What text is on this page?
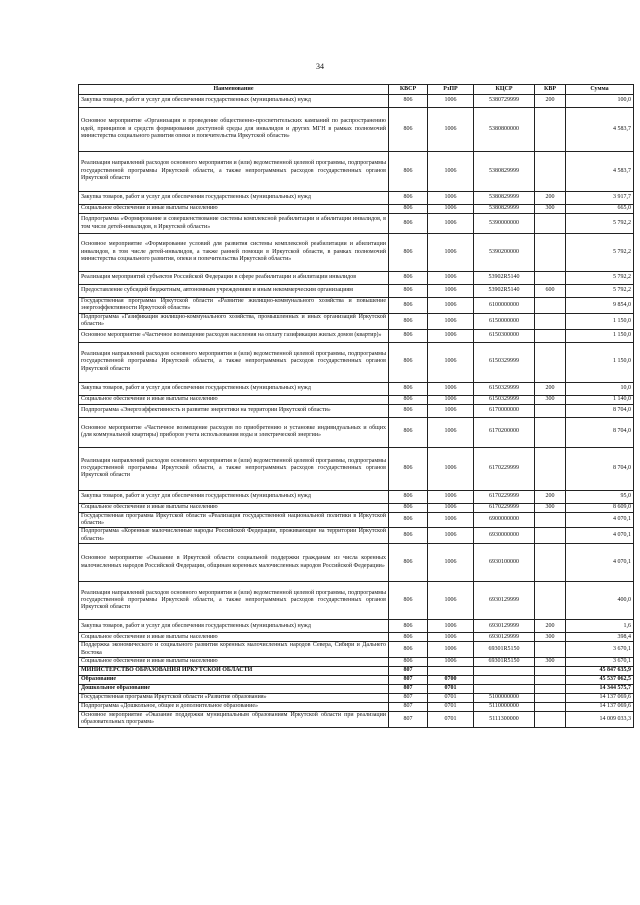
34
Наименование	КВСР	РзПР	КЦСР	КВР	Сумма
Закупка товаров, работ и услуг для обеспечения государственных (муниципальных) нужд	806	1006	5380729999	200	100,0
Основное мероприятие «Организация и проведение общественно-просветительских кампаний по распространению идей, принципов и средств формирования доступной среды для инвалидов и других МГН в рамках полномочий министерства социального развития опеки и попечительства Иркутской области»	806	1006	5380800000		4 583,7
Реализация направлений расходов основного мероприятия и (или) ведомственной целевой программы, подпрограммы государственной программы Иркутской области, а также непрограммных расходов государственных органов Иркутской области	806	1006	5380829999		4 583,7
Закупка товаров, работ и услуг для обеспечения государственных (муниципальных) нужд	806	1006	5380829999	200	3 917,7
Социальное обеспечение и иные выплаты населению	806	1006	5380829999	300	665,0
Подпрограмма «Формирование и совершенствование системы комплексной реабилитации и абилитации инвалидов, в том числе детей-инвалидов, в Иркутской области»	806	1006	5390000000		5 792,2
Основное мероприятие «Формирование условий для развития системы комплексной реабилитации и абилитации инвалидов, в том числе детей-инвалидов, а также ранней помощи в Иркутской области, в рамках полномочий министерства социального развития, опеки и попечительства Иркутской области»	806	1006	5390200000		5 792,2
Реализация мероприятий субъектов Российской Федерации в сфере реабилитации и абилитации инвалидов	806	1006	53902R5140		5 792,2
Предоставление субсидий бюджетным, автономным учреждениям и иным некоммерческим организациям	806	1006	53902R5140	600	5 792,2
Государственная программа Иркутской области «Развитие жилищно-коммунального хозяйства и повышение энергоэффективности Иркутской области»	806	1006	6100000000		9 854,0
Подпрограмма «Газификация жилищно-коммунального хозяйства, промышленных и иных организаций Иркутской области»	806	1006	6150000000		1 150,0
Основное мероприятие «Частичное возмещение расходов населения на оплату газификации жилых домов (квартир)»	806	1006	6150300000		1 150,0
Реализация направлений расходов основного мероприятия и (или) ведомственной целевой программы, подпрограммы государственной программы Иркутской области, а также непрограммных расходов государственных органов Иркутской области	806	1006	6150329999		1 150,0
Закупка товаров, работ и услуг для обеспечения государственных (муниципальных) нужд	806	1006	6150329999	200	10,0
Социальное обеспечение и иные выплаты населению	806	1006	6150329999	300	1 140,0
Подпрограмма «Энергоэффективность и развитие энергетики на территории Иркутской области»	806	1006	6170000000		8 704,0
Основное мероприятие «Частичное возмещение расходов по приобретению и установке индивидуальных и общих (для коммунальной квартиры) приборов учета использования воды и электрической энергии»	806	1006	6170200000		8 704,0
Реализация направлений расходов основного мероприятия и (или) ведомственной целевой программы, подпрограммы государственной программы Иркутской области, а также непрограммных расходов государственных органов Иркутской области	806	1006	6170229999		8 704,0
Закупка товаров, работ и услуг для обеспечения государственных (муниципальных) нужд	806	1006	6170229999	200	95,0
Социальное обеспечение и иные выплаты населению	806	1006	6170229999	300	8 609,0
Государственная программа Иркутской области «Реализация государственной национальной политики в Иркутской области»	806	1006	6900000000		4 070,1
Подпрограмма «Коренные малочисленные народы Российской Федерации, проживающие на территории Иркутской области»	806	1006	6930000000		4 070,1
Основное мероприятие «Оказание в Иркутской области социальной поддержки гражданам из числа коренных малочисленных народов Российской Федерации, общинам коренных малочисленных народов Российской Федерации»	806	1006	6930100000		4 070,1
Реализация направлений расходов основного мероприятия и (или) ведомственной целевой программы, подпрограммы государственной программы Иркутской области, а также непрограммных расходов государственных органов Иркутской области	806	1006	6930129999		400,0
Закупка товаров, работ и услуг для обеспечения государственных (муниципальных) нужд	806	1006	6930129999	200	1,6
Социальное обеспечение и иные выплаты населению	806	1006	6930129999	300	398,4
Поддержка экономического и социального развития коренных малочисленных народов Севера, Сибири и Дальнего Востока	806	1006	69301R5150		3 670,1
Социальное обеспечение и иные выплаты населению	806	1006	69301R5150	300	3 670,1
МИНИСТЕРСТВО ОБРАЗОВАНИЯ ИРКУТСКОЙ ОБЛАСТИ	807				45 847 635,9
Образование	807	0700			45 537 062,5
Дошкольное образование	807	0701			14 344 575,7
Государственная программа Иркутской области «Развитие образования»	807	0701	5100000000		14 137 069,6
Подпрограмма «Дошкольное, общее и дополнительное образование»	807	0701	5110000000		14 137 069,6
Основное мероприятие «Оказание поддержки муниципальным образованиям Иркутской области при реализации образовательных программ»	807	0701	5111300000		14 009 033,3
